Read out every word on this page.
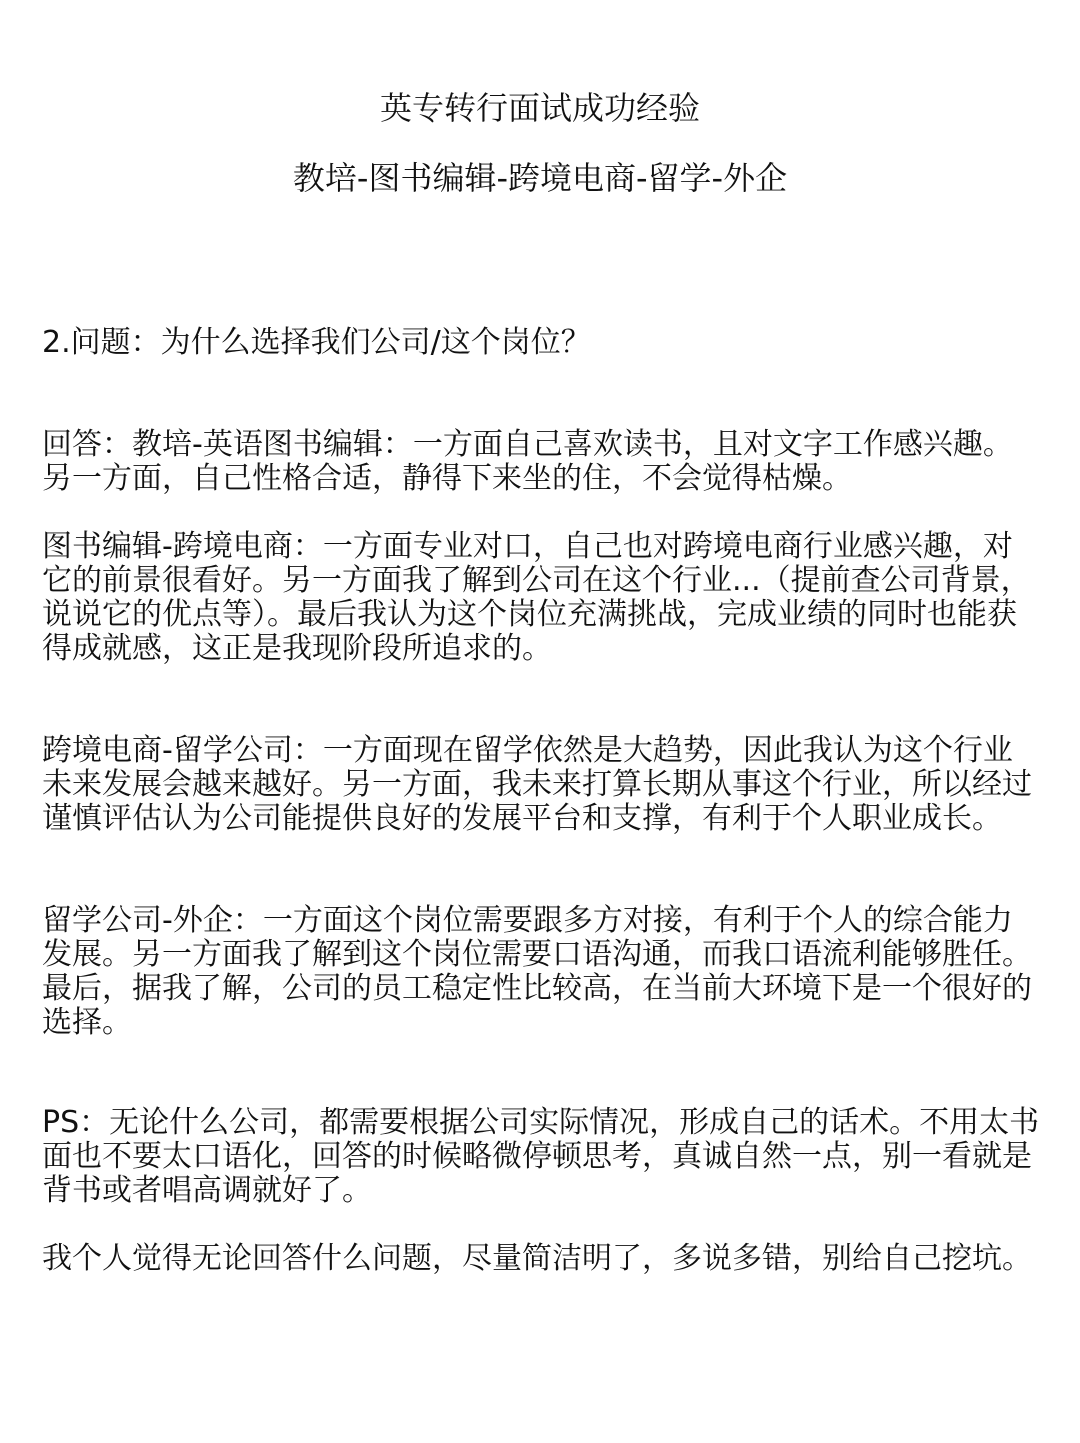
英专转行面试成功经验
教培-图书编辑-跨境电商-留学-外企

2.问题：为什么选择我们公司/这个岗位？

回答：教培-英语图书编辑：一方面自己喜欢读书，且对文字工作感兴趣。另一方面，自己性格合适，静得下来坐的住，不会觉得枯燥。

图书编辑-跨境电商：一方面专业对口，自己也对跨境电商行业感兴趣，对它的前景很看好。另一方面我了解到公司在这个行业...（提前查公司背景，说说它的优点等）。最后我认为这个岗位充满挑战，完成业绩的同时也能获得成就感，这正是我现阶段所追求的。

跨境电商-留学公司：一方面现在留学依然是大趋势，因此我认为这个行业未来发展会越来越好。另一方面，我未来打算长期从事这个行业，所以经过谨慎评估认为公司能提供良好的发展平台和支撑，有利于个人职业成长。

留学公司-外企：一方面这个岗位需要跟多方对接，有利于个人的综合能力发展。另一方面我了解到这个岗位需要口语沟通，而我口语流利能够胜任。最后，据我了解，公司的员工稳定性比较高，在当前大环境下是一个很好的选择。

PS：无论什么公司，都需要根据公司实际情况，形成自己的话术。不用太书面也不要太口语化，回答的时候略微停顿思考，真诚自然一点，别一看就是背书或者唱高调就好了。

我个人觉得无论回答什么问题，尽量简洁明了，多说多错，别给自己挖坑。
